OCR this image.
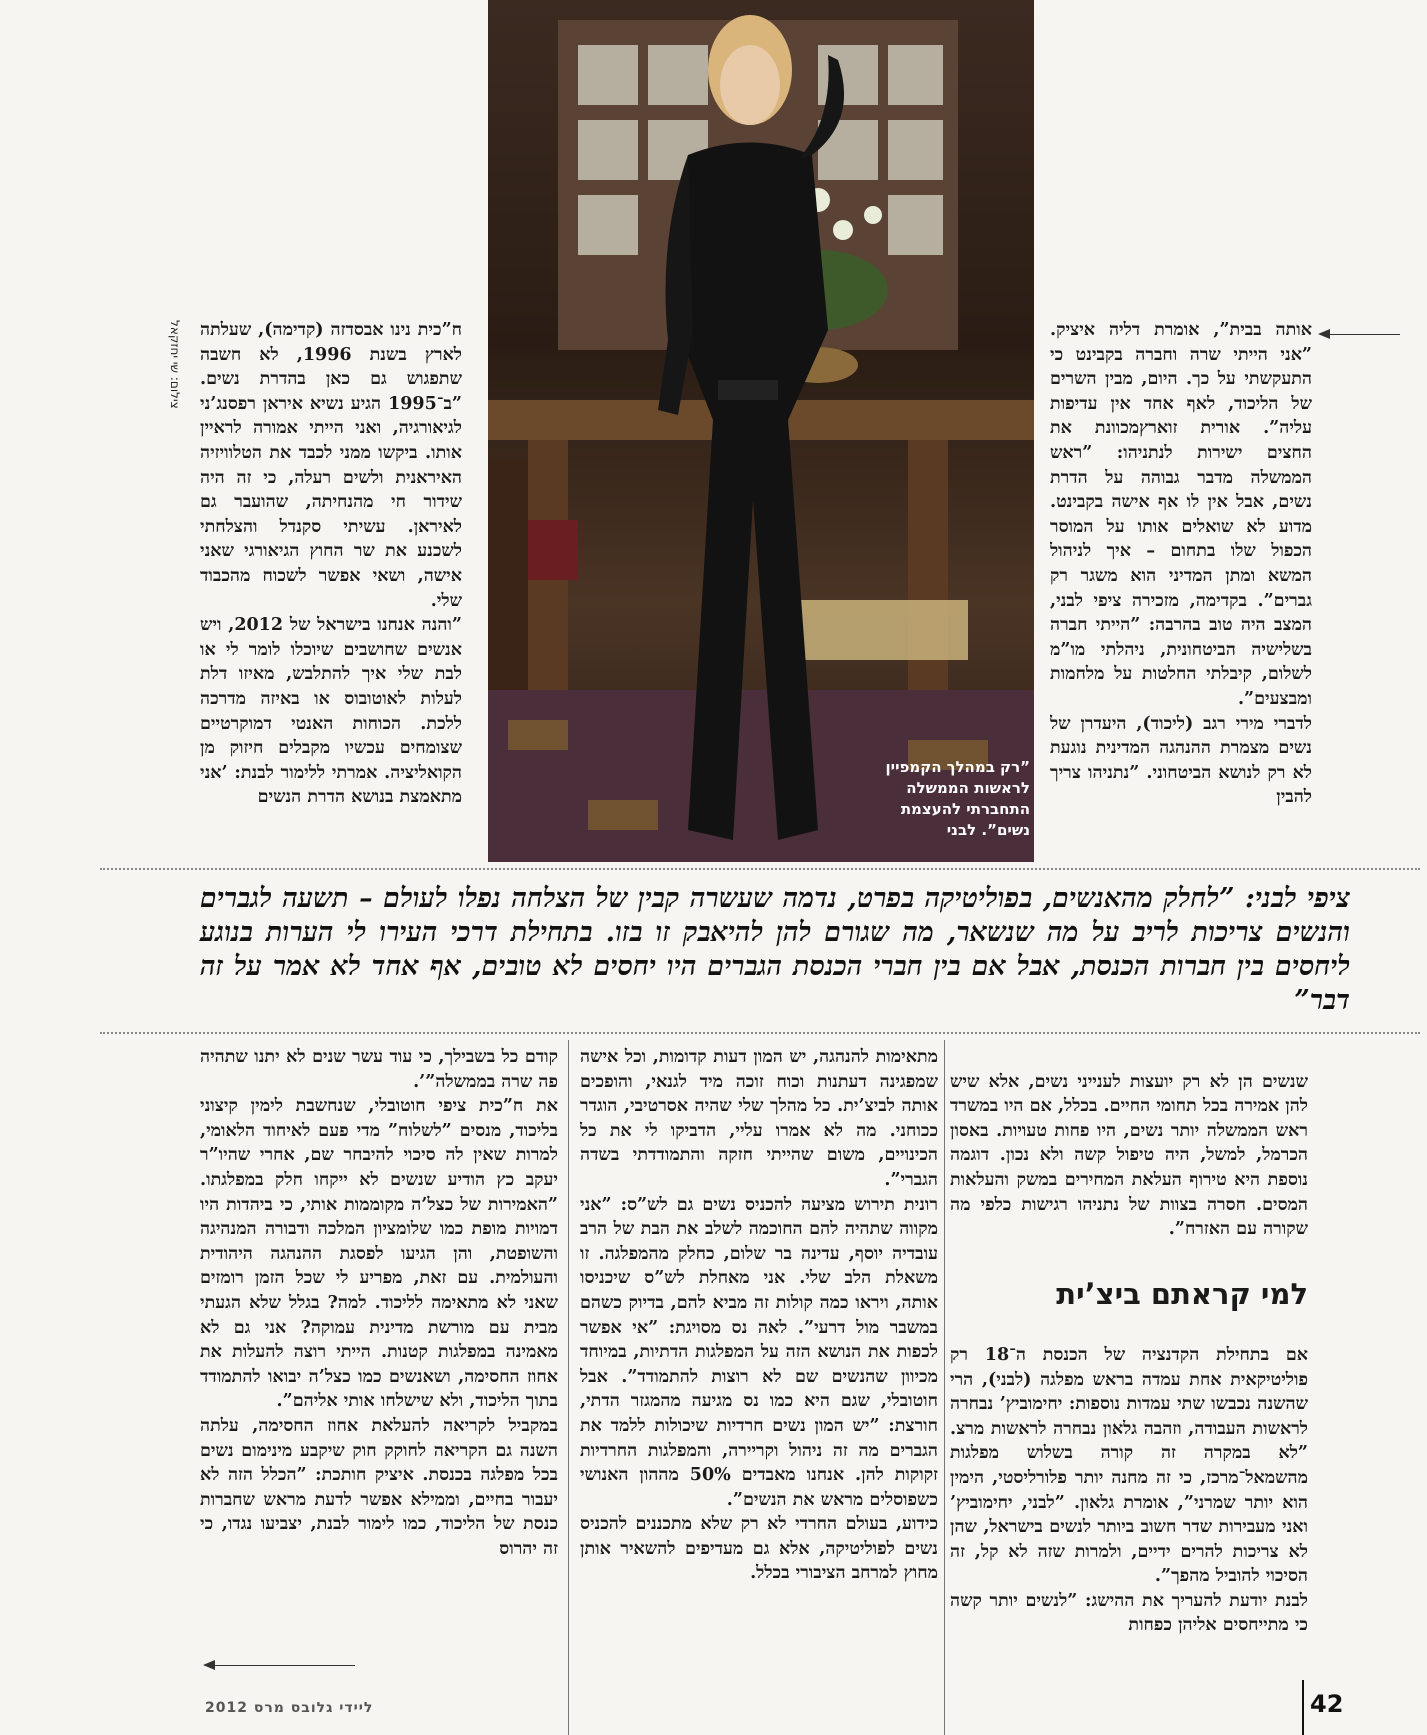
”רק במהלך הקמפיין
לראשות הממשלה
התחברתי להעצמת
נשים”. לבני
צילום: שי יחזקאל	אותה בבית”, אומרת דליה איציק. ”אני הייתי שרה וחברה בקבינט כי התעקשתי על כך. היום, מבין השרים של הליכוד, לאף אחד אין עדיפות עליה”. אורית זוארץמכוונת את החצים ישירות לנתניהו: ”ראש הממשלה מדבר גבוהה על הדרת נשים, אבל אין לו אף אישה בקבינט. מדוע לא שואלים אותו על המוסר הכפול שלו בתחום – איך לניהול המשא ומתן המדיני הוא משגר רק גברים”. בקדימה, מזכירה ציפי לבני, המצב היה טוב בהרבה: ”הייתי חברה בשלישיה הביטחונית, ניהלתי מו”מ לשלום, קיבלתי החלטות על מלחמות ומבצעים”.
לדברי מירי רגב (ליכוד), היעדרן של נשים מצמרת ההנהגה המדינית נוגעת לא רק לנושא הביטחוני. ”נתניהו צריך להבין
ח”כית נינו אבסדזה (קדימה), שעלתה לארץ בשנת 1996, לא חשבה שתפגוש גם כאן בהדרת נשים. ”ב־1995 הגיע נשיא איראן רפסנג’ני לגיאורגיה, ואני הייתי אמורה לראיין אותו. ביקשו ממני לכבד את הטלוויזיה האיראנית ולשים רעלה, כי זה היה שידור חי מהנחיתה, שהועבר גם לאיראן. עשיתי סקנדל והצלחתי לשכנע את שר החוץ הגיאורגי שאני אישה, ושאי אפשר לשכוח מהכבוד שלי.
”והנה אנחנו בישראל של 2012, ויש אנשים שחושבים שיוכלו לומר לי או לבת שלי איך להתלבש, מאיזו דלת לעלות לאוטובוס או באיזה מדרכה ללכת. הכוחות האנטי דמוקרטיים שצומחים עכשיו מקבלים חיזוק מן הקואליציה. אמרתי ללימור לבנת: ’אני מתאמצת בנושא הדרת הנשים
ציפי לבני: ”לחלק מהאנשים, בפוליטיקה בפרט, נדמה שעשרה קבין של הצלחה נפלו לעולם – תשעה לגברים והנשים צריכות לריב על מה שנשאר, מה שגורם להן להיאבק זו בזו. בתחילת דרכי העירו לי הערות בנוגע ליחסים בין חברות הכנסת, אבל אם בין חברי הכנסת הגברים היו יחסים לא טובים, אף אחד לא אמר על זה דבר”

שנשים הן לא רק יועצות לענייני נשים, אלא שיש להן אמירה בכל תחומי החיים. בכלל, אם היו במשרד ראש הממשלה יותר נשים, היו פחות טעויות. באסון הכרמל, למשל, היה טיפול קשה ולא נכון. דוגמה נוספת היא טירוף העלאת המחירים במשק והעלאות המסים. חסרה בצוות של נתניהו רגישות כלפי מה שקורה עם האזרח”.

למי קראתם ביצ’ית

אם בתחילת הקדנציה של הכנסת ה־18 רק פוליטיקאית אחת עמדה בראש מפלגה (לבני), הרי שהשנה נכבשו שתי עמדות נוספות: יחימוביץ’ נבחרה לראשות העבודה, וזהבה גלאון נבחרה לראשות מרצ. ”לא במקרה זה קורה בשלוש מפלגות מהשמאל־מרכז, כי זה מחנה יותר פלורליסטי, הימין הוא יותר שמרני”, אומרת גלאון. ”לבני, יחימוביץ’ ואני מעבירות שדר חשוב ביותר לנשים בישראל, שהן לא צריכות להרים ידיים, ולמרות שזה לא קל, זה הסיכוי להוביל מהפך”.
לבנת יודעת להעריך את ההישג: ”לנשים יותר קשה כי מתייחסים אליהן כפחות

מתאימות להנהגה, יש המון דעות קדומות, וכל אישה שמפגינה דעתנות וכוח זוכה מיד לגנאי, והופכים אותה לביצ’ית. כל מהלך שלי שהיה אסרטיבי, הוגדר ככוחני. מה לא אמרו עליי, הדביקו לי את כל הכינויים, משום שהייתי חזקה והתמודדתי בשדה הגברי”.
רונית תירוש מציעה להכניס נשים גם לש”ס: ”אני מקווה שתהיה להם החוכמה לשלב את הבת של הרב עובדיה יוסף, עדינה בר שלום, כחלק מהמפלגה. זו משאלת הלב שלי. אני מאחלת לש”ס שיכניסו אותה, ויראו כמה קולות זה מביא להם, בדיוק כשהם במשבר מול דרעי”. לאה נס מסויגת: ”אי אפשר לכפות את הנושא הזה על המפלגות הדתיות, במיוחד מכיוון שהנשים שם לא רוצות להתמודד”. אבל חוטובלי, שגם היא כמו נס מגיעה מהמגזר הדתי, חורצת: ”יש המון נשים חרדיות שיכולות ללמד את הגברים מה זה ניהול וקריירה, והמפלגות החרדיות זקוקות להן. אנחנו מאבדים 50% מההון האנושי כשפוסלים מראש את הנשים”.
כידוע, בעולם החרדי לא רק שלא מתכננים להכניס נשים לפוליטיקה, אלא גם מעדיפים להשאיר אותן מחוץ למרחב הציבורי בכלל.
קודם כל בשבילך, כי עוד עשר שנים לא יתנו שתהיה פה שרה בממשלה”’.
את ח”כית ציפי חוטובלי, שנחשבת לימין קיצוני בליכוד, מנסים ”לשלוח” מדי פעם לאיחוד הלאומי, למרות שאין לה סיכוי להיבחר שם, אחרי שהיו”ר יעקב כץ הודיע שנשים לא ייקחו חלק במפלגתו. ”האמירות של כצל’ה מקוממות אותי, כי ביהדות היו דמויות מופת כמו שלומציון המלכה ודבורה המנהיגה והשופטת, והן הגיעו לפסגת ההנהגה היהודית והעולמית. עם זאת, מפריע לי שכל הזמן רומזים שאני לא מתאימה לליכוד. למה? בגלל שלא הגעתי מבית עם מורשת מדינית עמוקה? אני גם לא מאמינה במפלגות קטנות. הייתי רוצה להעלות את אחוז החסימה, ושאנשים כמו כצל’ה יבואו להתמודד בתוך הליכוד, ולא שישלחו אותי אליהם”.
במקביל לקריאה להעלאת אחוז החסימה, עלתה השנה גם הקריאה לחוקק חוק שיקבע מינימום נשים בכל מפלגה בכנסת. איציק חותכת: ”הכלל הזה לא יעבור בחיים, וממילא אפשר לדעת מראש שחברות כנסת של הליכוד, כמו לימור לבנת, יצביעו נגדו, כי זה יהרוס
ליידי גלובס מרס 2012	42
